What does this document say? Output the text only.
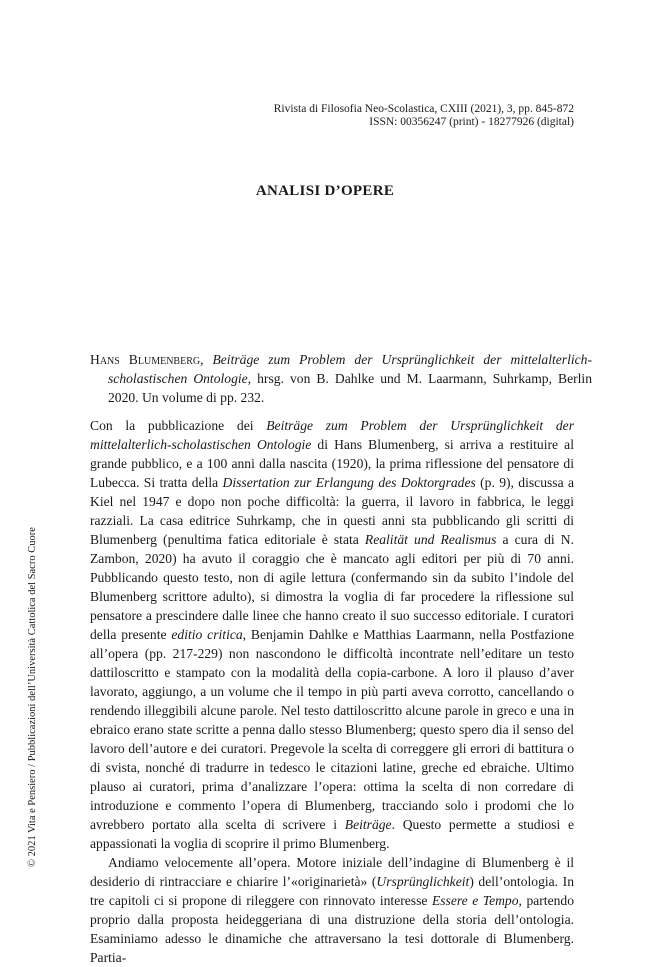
Rivista di Filosofia Neo-Scolastica, CXIII (2021), 3, pp. 845-872
ISSN: 00356247 (print) - 18277926 (digital)
ANALISI D’OPERE
© 2021 Vita e Pensiero / Pubblicazioni dell’Università Cattolica del Sacro Cuore
Hans Blumenberg, Beiträge zum Problem der Ursprünglichkeit der mittelalterlich-scholastischen Ontologie, hrsg. von B. Dahlke und M. Laarmann, Suhrkamp, Berlin 2020. Un volume di pp. 232.

Con la pubblicazione dei Beiträge zum Problem der Ursprünglichkeit der mittelalterlich-scholastischen Ontologie di Hans Blumenberg, si arriva a restituire al grande pubblico, e a 100 anni dalla nascita (1920), la prima riflessione del pensatore di Lubecca. Si tratta della Dissertation zur Erlangung des Doktorgrades (p. 9), discussa a Kiel nel 1947 e dopo non poche difficoltà: la guerra, il lavoro in fabbrica, le leggi razziali. La casa editrice Suhrkamp, che in questi anni sta pubblicando gli scritti di Blumenberg (penultima fatica editoriale è stata Realität und Realismus a cura di N. Zambon, 2020) ha avuto il coraggio che è mancato agli editori per più di 70 anni. Pubblicando questo testo, non di agile lettura (confermando sin da subito l’indole del Blumenberg scrittore adulto), si dimostra la voglia di far procedere la riflessione sul pensatore a prescindere dalle linee che hanno creato il suo successo editoriale. I curatori della presente editio critica, Benjamin Dahlke e Matthias Laarmann, nella Postfazione all’opera (pp. 217-229) non nascondono le difficoltà incontrate nell’editare un testo dattiloscritto e stampato con la modalità della copia-carbone. A loro il plauso d’aver lavorato, aggiungo, a un volume che il tempo in più parti aveva corrotto, cancellando o rendendo illeggibili alcune parole. Nel testo dattiloscritto alcune parole in greco e una in ebraico erano state scritte a penna dallo stesso Blumenberg; questo spero dia il senso del lavoro dell’autore e dei curatori. Pregevole la scelta di correggere gli errori di battitura o di svista, nonché di tradurre in tedesco le citazioni latine, greche ed ebraiche. Ultimo plauso ai curatori, prima d’analizzare l’opera: ottima la scelta di non corredare di introduzione e commento l’opera di Blumenberg, tracciando solo i prodomi che lo avrebbero portato alla scelta di scrivere i Beiträge. Questo permette a studiosi e appassionati la voglia di scoprire il primo Blumenberg.

Andiamo velocemente all’opera. Motore iniziale dell’indagine di Blumenberg è il desiderio di rintracciare e chiarire l’«originarietà» (Ursprünglichkeit) dell’ontologia. In tre capitoli ci si propone di rileggere con rinnovato interesse Essere e Tempo, partendo proprio dalla proposta heideggeriana di una distruzione della storia dell’ontologia. Esaminiamo adesso le dinamiche che attraversano la tesi dottorale di Blumenberg. Partia-
